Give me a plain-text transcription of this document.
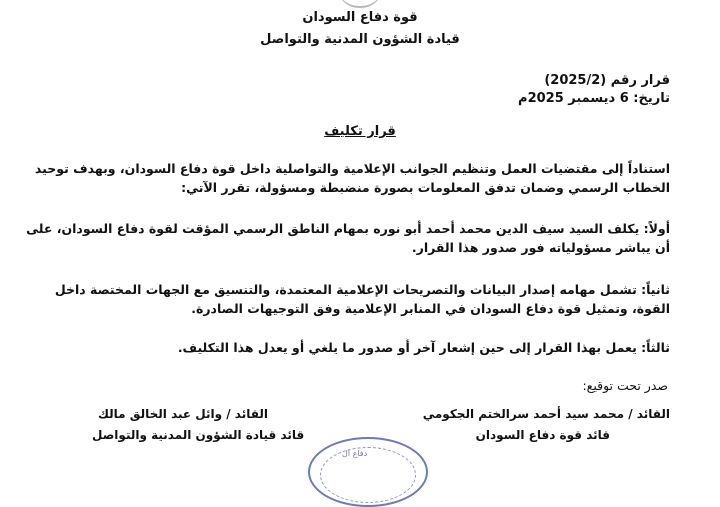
قوة دفاع السودان
قيادة الشؤون المدنية والتواصل
قرار رقم (2025/2)
تاريخ: 6 ديسمبر 2025م
قرار تكليف
استناداً إلى مقتضيات العمل وتنظيم الجوانب الإعلامية والتواصلية داخل قوة دفاع السودان، وبهدف توحيد
الخطاب الرسمي وضمان تدفق المعلومات بصورة منضبطة ومسؤولة، تقرر الآتي:
أولاً: يكلف السيد سيف الدين محمد أحمد أبو نوره بمهام الناطق الرسمي المؤقت لقوة دفاع السودان، على
أن يباشر مسؤولياته فور صدور هذا القرار.
ثانياً: تشمل مهامه إصدار البيانات والتصريحات الإعلامية المعتمدة، والتنسيق مع الجهات المختصة داخل
القوة، وتمثيل قوة دفاع السودان في المنابر الإعلامية وفق التوجيهات الصادرة.
ثالثاً: يعمل بهذا القرار إلى حين إشعار آخر أو صدور ما يلغي أو يعدل هذا التكليف.
صدر تحت توقيع:
القائد / محمد سيد أحمد سرالختم الجكومي
قائد قوة دفاع السودان
القائد / وائل عبد الخالق مالك
قائد قيادة الشؤون المدنية والتواصل
دفاع ال
